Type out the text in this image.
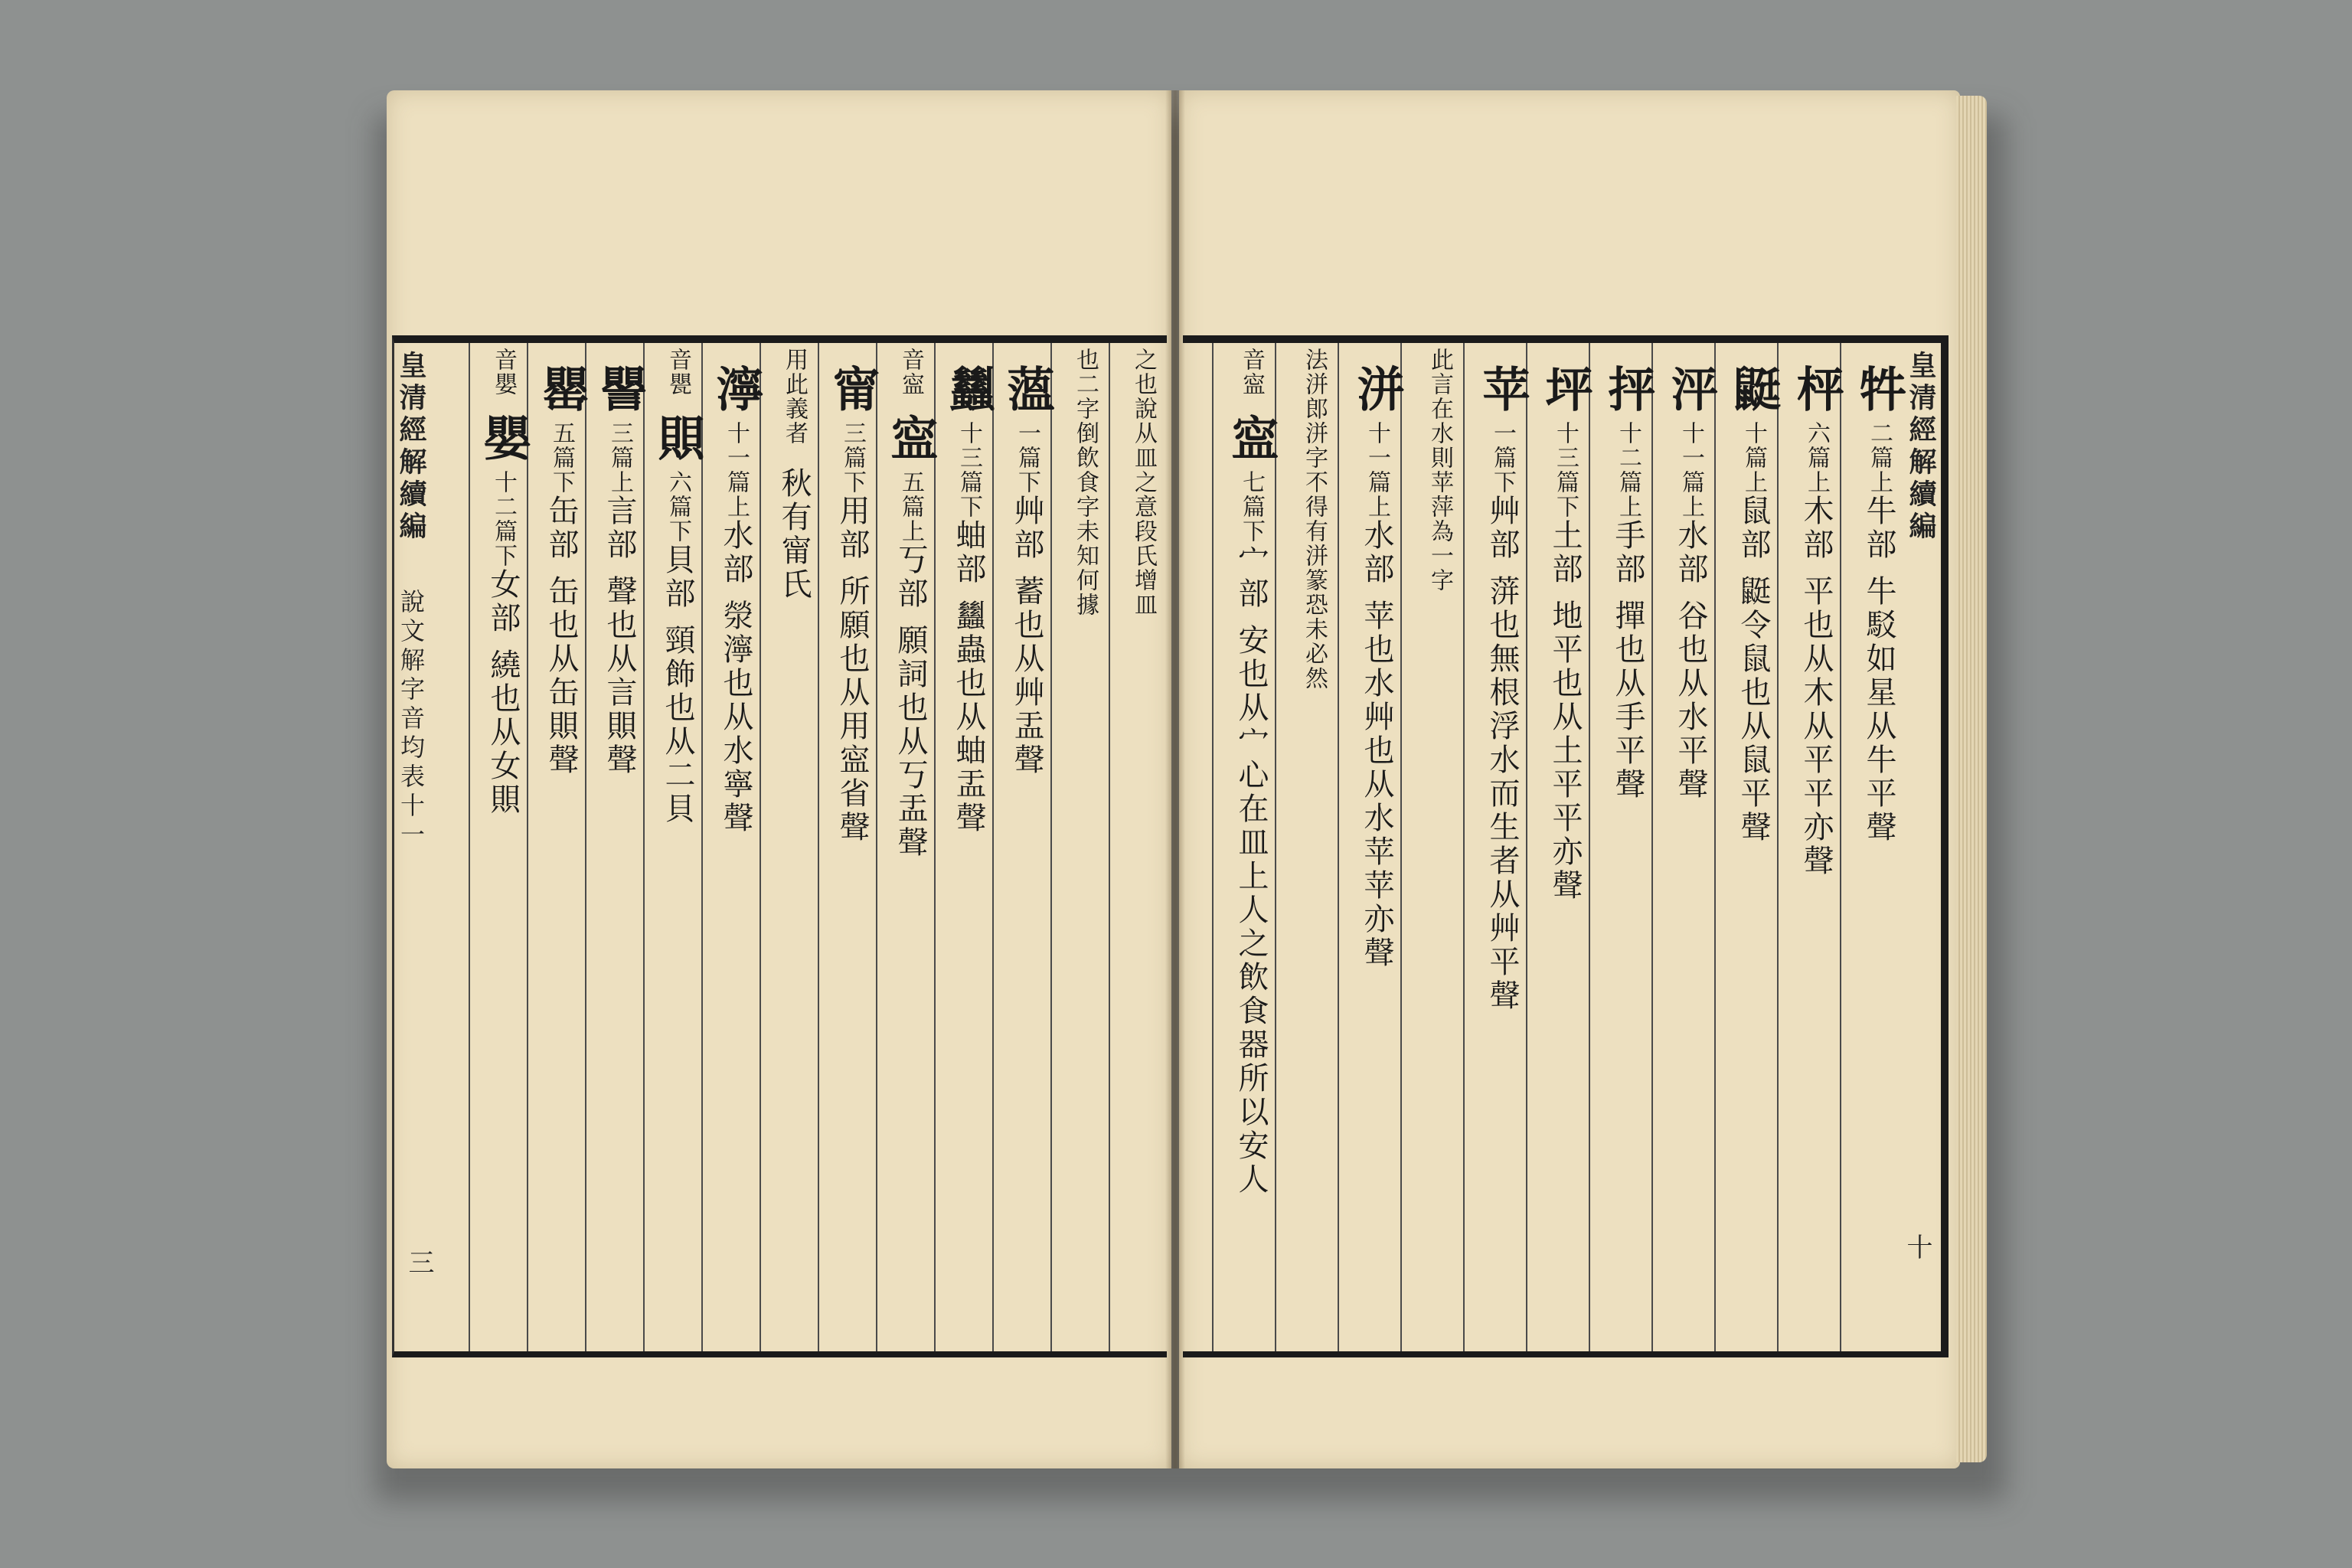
之也說从皿之意段氏增皿
也二字倒飲食字未知何據
薀一篇下艸部 蓄也从艸盂聲
蠿十三篇下蚰部 蠿蟲也从蚰盂聲
音寍寍五篇上丂部 願詞也从丂盂聲
甯三篇下用部 所願也从用寍省聲
用此義者秋有甯氏
濘十一篇上水部 滎濘也从水寧聲
音甖賏六篇下貝部 頸飾也从二貝
譻三篇上言部 聲也从言賏聲
罌五篇下缶部 缶也从缶賏聲
音嬰嬰十二篇下女部 繞也从女賏
皇清經解續編 說文解字音均表十一
三
牪二篇上牛部 牛駁如星从牛平聲
枰六篇上木部 平也从木从平平亦聲
鼮十篇上鼠部 鼮令鼠也从鼠平聲
泙十一篇上水部 谷也从水平聲
抨十二篇上手部 撣也从手平聲
坪十三篇下土部 地平也从土平平亦聲
苹一篇下艸部 蓱也無根浮水而生者从艸平聲
此言在水則苹萍為一字
洴十一篇上水部 苹也水艸也从水苹苹亦聲
法洴郎洴字不得有洴篆恐未必然
音寍寍七篇下宀部 安也从宀心在皿上人之飲食器所以安人
皇清經解續編
十
